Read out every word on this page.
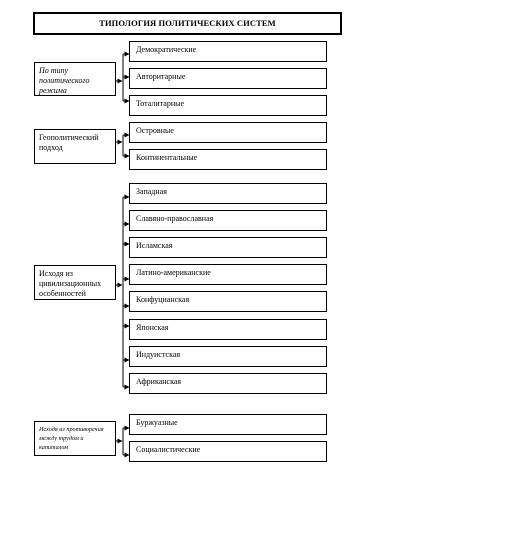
ТИПОЛОГИЯ ПОЛИТИЧЕСКИХ СИСТЕМ
По типу политического режима
Геополитический подход
Исходя из цивилизационных особенностей
Исходя из противоречия между трудом и капиталом
Демократические
Авторитарные
Тоталитарные
Островные
Континентальные
Западная
Славяно-православная
Исламская
Латино-американские
Конфуцианская
Японская
Индуистская
Африканская
Буржуазные
Социалистические
